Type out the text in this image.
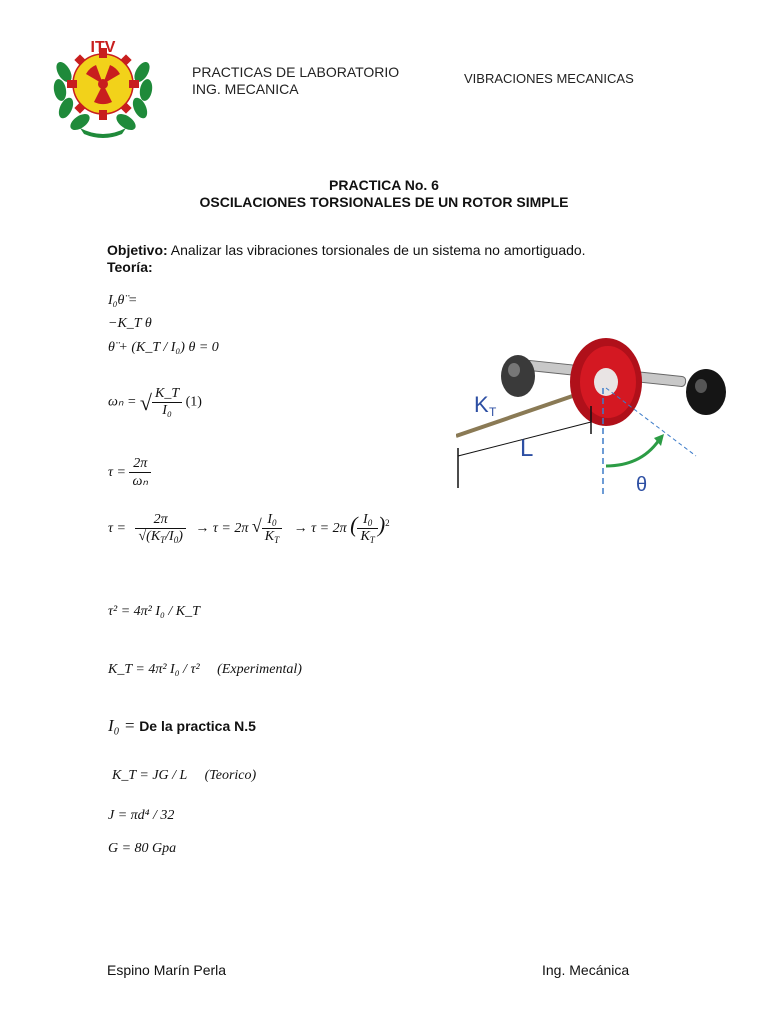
ITV
PRACTICAS DE LABORATORIO
ING. MECANICA
VIBRACIONES MECANICAS
PRACTICA No. 6
OSCILACIONES TORSIONALES DE UN ROTOR SIMPLE
Objetivo: Analizar las vibraciones torsionales de un sistema no amortiguado.
Teoría:
I₀θ̈ =
−K_T θ
θ̈ + (K_T / I₀) θ = 0
ωₙ = √ $\frac{K\_T}{\text{I₀}} (1)$
$\tau = \frac{2\pi}{\text{ωₙ}}$
$\tau = \frac{2\pi}{√(K_T/I_0)} \to \tau = 2\pi$ √ $\frac{I_0}{K_T} \to \tau = 2\pi$ ( $\frac{I_0}{K_T} )^2$
τ² = 4π² I₀ / K_T
K_T = 4π² I₀ / τ² (Experimental)
I₀ = De la practica N.5
K_T = JG / L (Teorico)
J = πd⁴ / 32
G = 80 Gpa
K T
L
θ
Espino Marín Perla	Ing. Mecánica
